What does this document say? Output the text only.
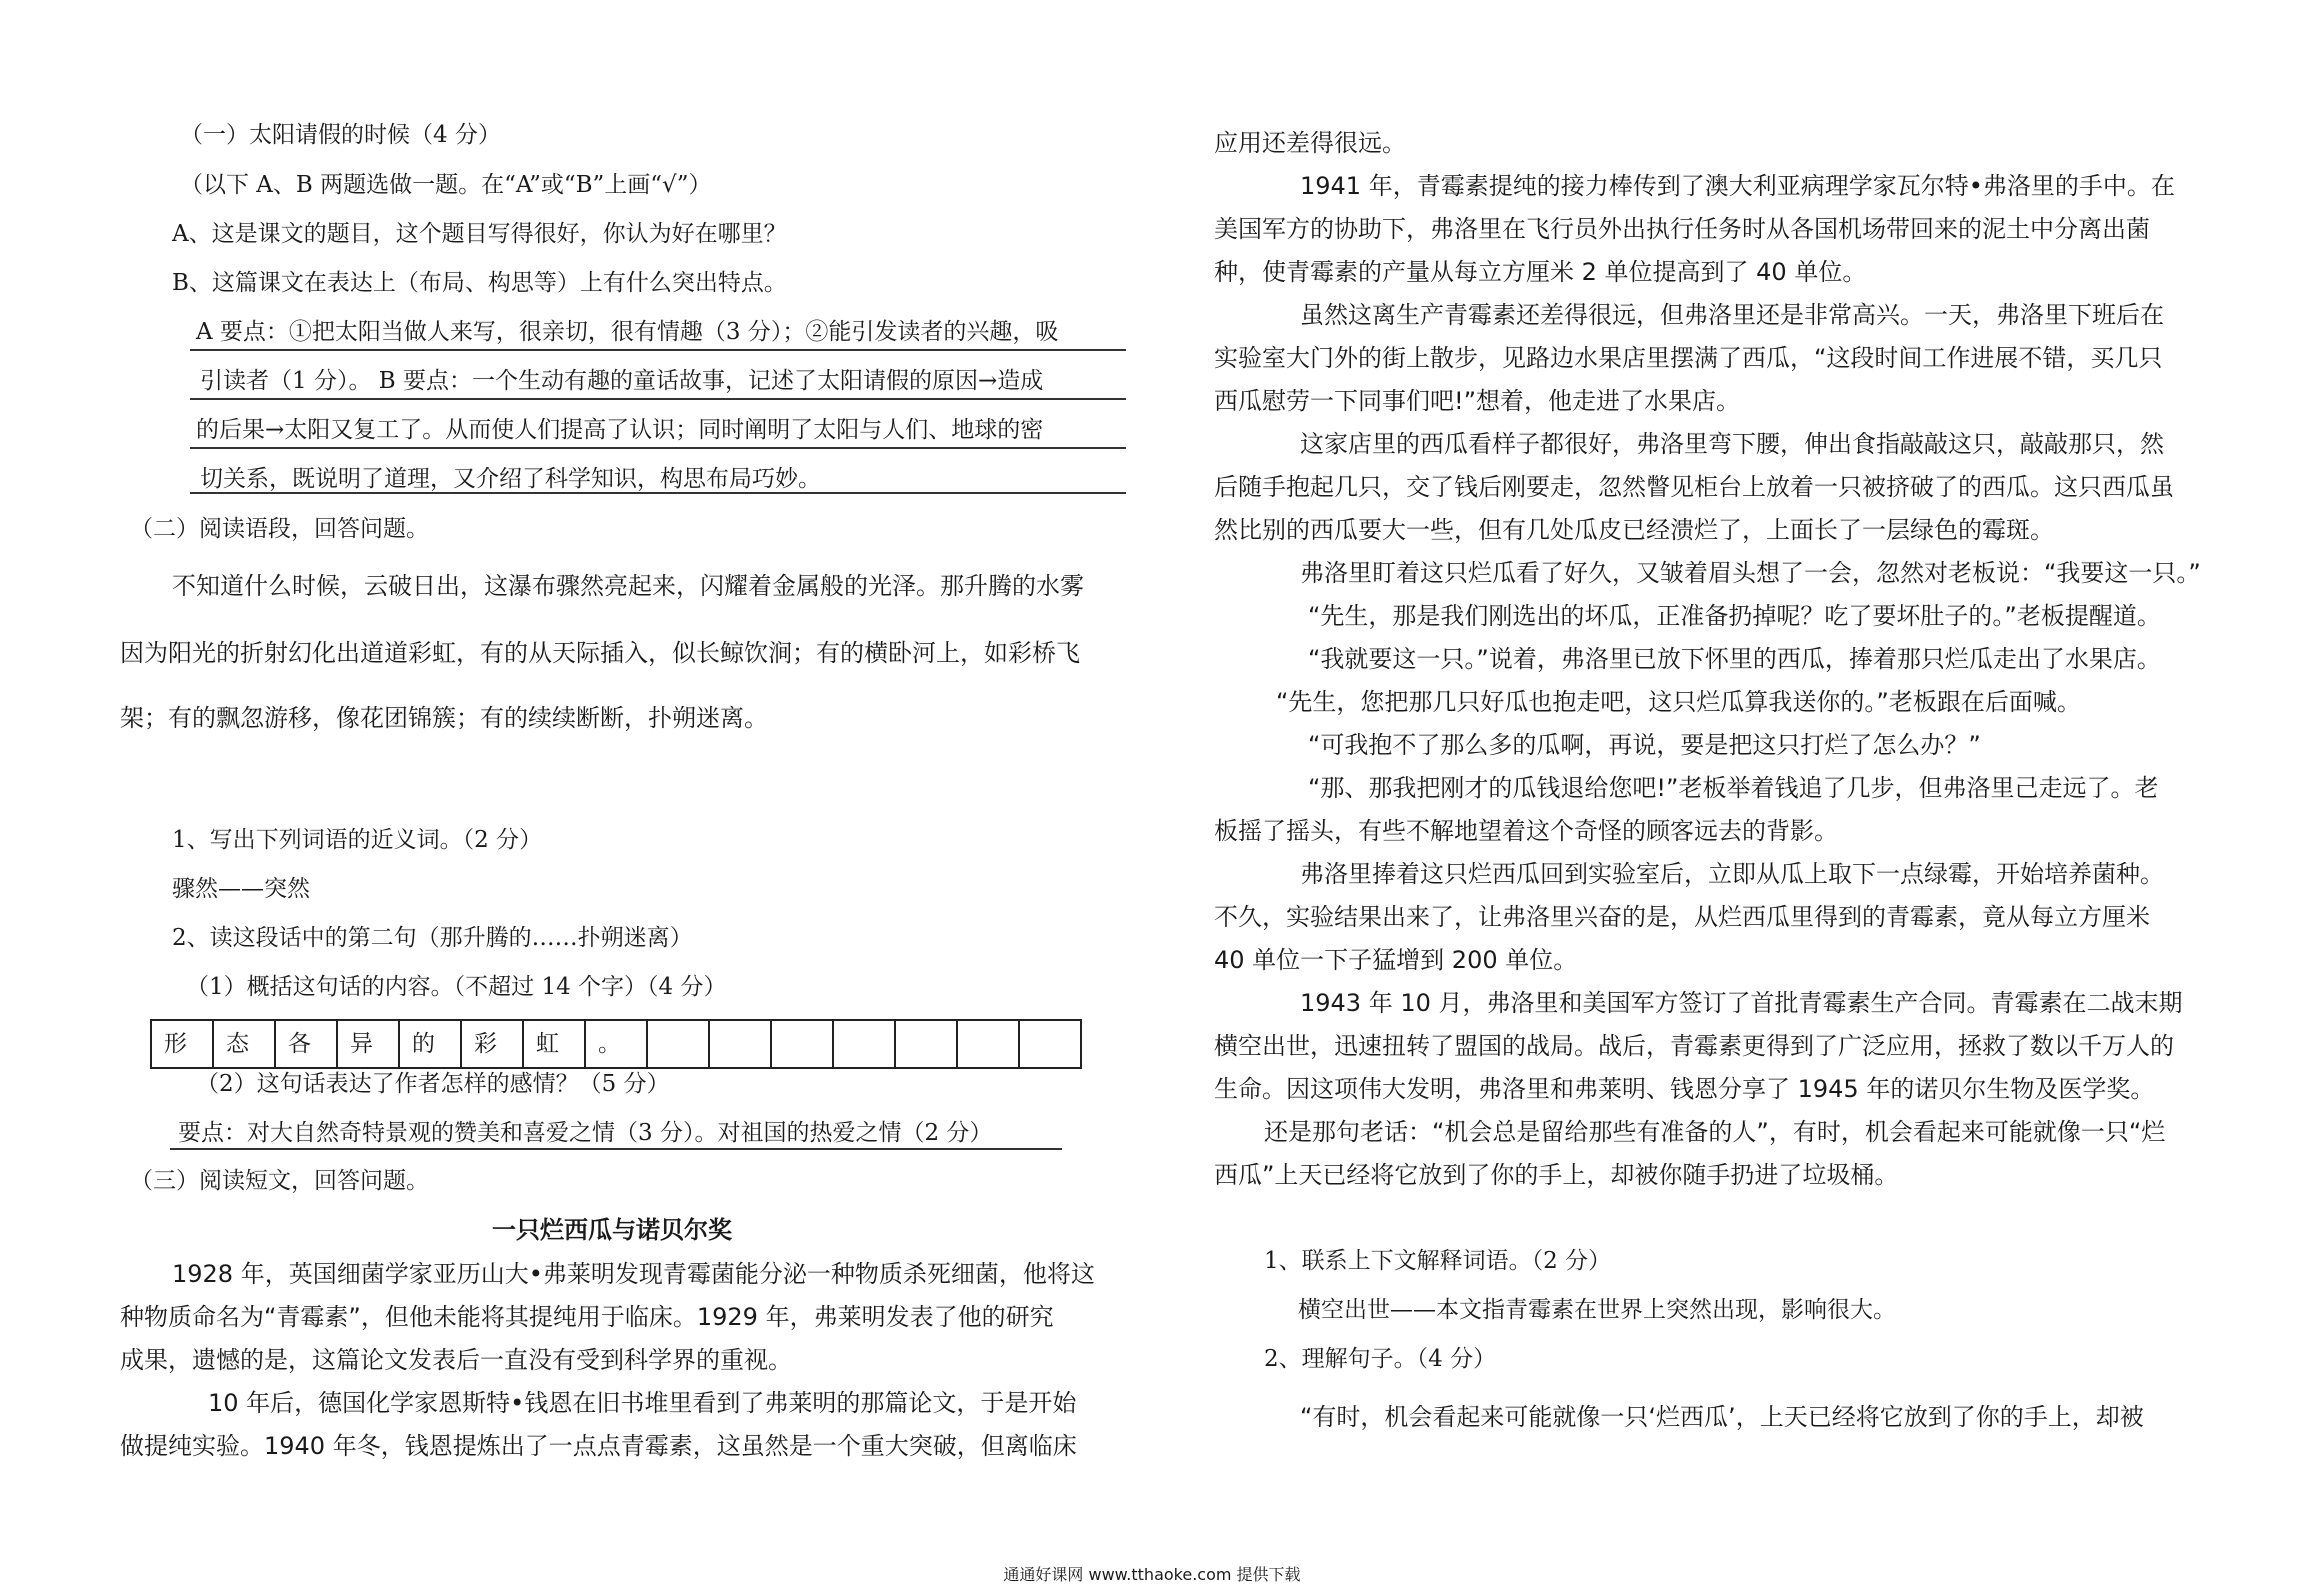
（一）太阳请假的时候（4 分）
（以下 A、B 两题选做一题。在“A”或“B”上画“√”）
A、这是课文的题目，这个题目写得很好，你认为好在哪里？
B、这篇课文在表达上（布局、构思等）上有什么突出特点。
A 要点：①把太阳当做人来写，很亲切，很有情趣（3 分）；②能引发读者的兴趣，吸
引读者（1 分）。 B 要点：一个生动有趣的童话故事，记述了太阳请假的原因→造成
的后果→太阳又复工了。从而使人们提高了认识；同时阐明了太阳与人们、地球的密
切关系，既说明了道理，又介绍了科学知识，构思布局巧妙。
（二）阅读语段，回答问题。
不知道什么时候，云破日出，这瀑布骤然亮起来，闪耀着金属般的光泽。那升腾的水雾
因为阳光的折射幻化出道道彩虹，有的从天际插入，似长鲸饮涧；有的横卧河上，如彩桥飞
架；有的飘忽游移，像花团锦簇；有的续续断断，扑朔迷离。
1、写出下列词语的近义词。（2 分）
骤然——突然
2、读这段话中的第二句（那升腾的……扑朔迷离）
（1）概括这句话的内容。（不超过 14 个字）（4 分）
形	态	各	异	的	彩	虹	。							
（2）这句话表达了作者怎样的感情？（5 分）
要点：对大自然奇特景观的赞美和喜爱之情（3 分）。对祖国的热爱之情（2 分）
（三）阅读短文，回答问题。
一只烂西瓜与诺贝尔奖
1928 年，英国细菌学家亚历山大•弗莱明发现青霉菌能分泌一种物质杀死细菌，他将这
种物质命名为“青霉素”，但他未能将其提纯用于临床。1929 年，弗莱明发表了他的研究
成果，遗憾的是，这篇论文发表后一直没有受到科学界的重视。
10 年后，德国化学家恩斯特•钱恩在旧书堆里看到了弗莱明的那篇论文，于是开始
做提纯实验。1940 年冬，钱恩提炼出了一点点青霉素，这虽然是一个重大突破，但离临床
应用还差得很远。
1941 年，青霉素提纯的接力棒传到了澳大利亚病理学家瓦尔特•弗洛里的手中。在
美国军方的协助下，弗洛里在飞行员外出执行任务时从各国机场带回来的泥土中分离出菌
种，使青霉素的产量从每立方厘米 2 单位提高到了 40 单位。
虽然这离生产青霉素还差得很远，但弗洛里还是非常高兴。一天，弗洛里下班后在
实验室大门外的街上散步，见路边水果店里摆满了西瓜，“这段时间工作进展不错，买几只
西瓜慰劳一下同事们吧!”想着，他走进了水果店。
这家店里的西瓜看样子都很好，弗洛里弯下腰，伸出食指敲敲这只，敲敲那只，然
后随手抱起几只，交了钱后刚要走，忽然瞥见柜台上放着一只被挤破了的西瓜。这只西瓜虽
然比别的西瓜要大一些，但有几处瓜皮已经溃烂了，上面长了一层绿色的霉斑。
弗洛里盯着这只烂瓜看了好久，又皱着眉头想了一会，忽然对老板说：“我要这一只。”
“先生，那是我们刚选出的坏瓜，正准备扔掉呢？吃了要坏肚子的。”老板提醒道。
“我就要这一只。”说着，弗洛里已放下怀里的西瓜，捧着那只烂瓜走出了水果店。
“先生，您把那几只好瓜也抱走吧，这只烂瓜算我送你的。”老板跟在后面喊。
“可我抱不了那么多的瓜啊，再说，要是把这只打烂了怎么办？”
“那、那我把刚才的瓜钱退给您吧!”老板举着钱追了几步，但弗洛里己走远了。老
板摇了摇头，有些不解地望着这个奇怪的顾客远去的背影。
弗洛里捧着这只烂西瓜回到实验室后，立即从瓜上取下一点绿霉，开始培养菌种。
不久，实验结果出来了，让弗洛里兴奋的是，从烂西瓜里得到的青霉素，竟从每立方厘米
40 单位一下子猛增到 200 单位。
1943 年 10 月，弗洛里和美国军方签订了首批青霉素生产合同。青霉素在二战末期
横空出世，迅速扭转了盟国的战局。战后，青霉素更得到了广泛应用，拯救了数以千万人的
生命。因这项伟大发明，弗洛里和弗莱明、钱恩分享了 1945 年的诺贝尔生物及医学奖。
还是那句老话：“机会总是留给那些有准备的人”，有时，机会看起来可能就像一只“烂
西瓜”上天已经将它放到了你的手上，却被你随手扔进了垃圾桶。
1、联系上下文解释词语。（2 分）
横空出世——本文指青霉素在世界上突然出现，影响很大。
2、理解句子。（4 分）
“有时，机会看起来可能就像一只‘烂西瓜’，上天已经将它放到了你的手上，却被
通通好课网 www.tthaoke.com 提供下载
